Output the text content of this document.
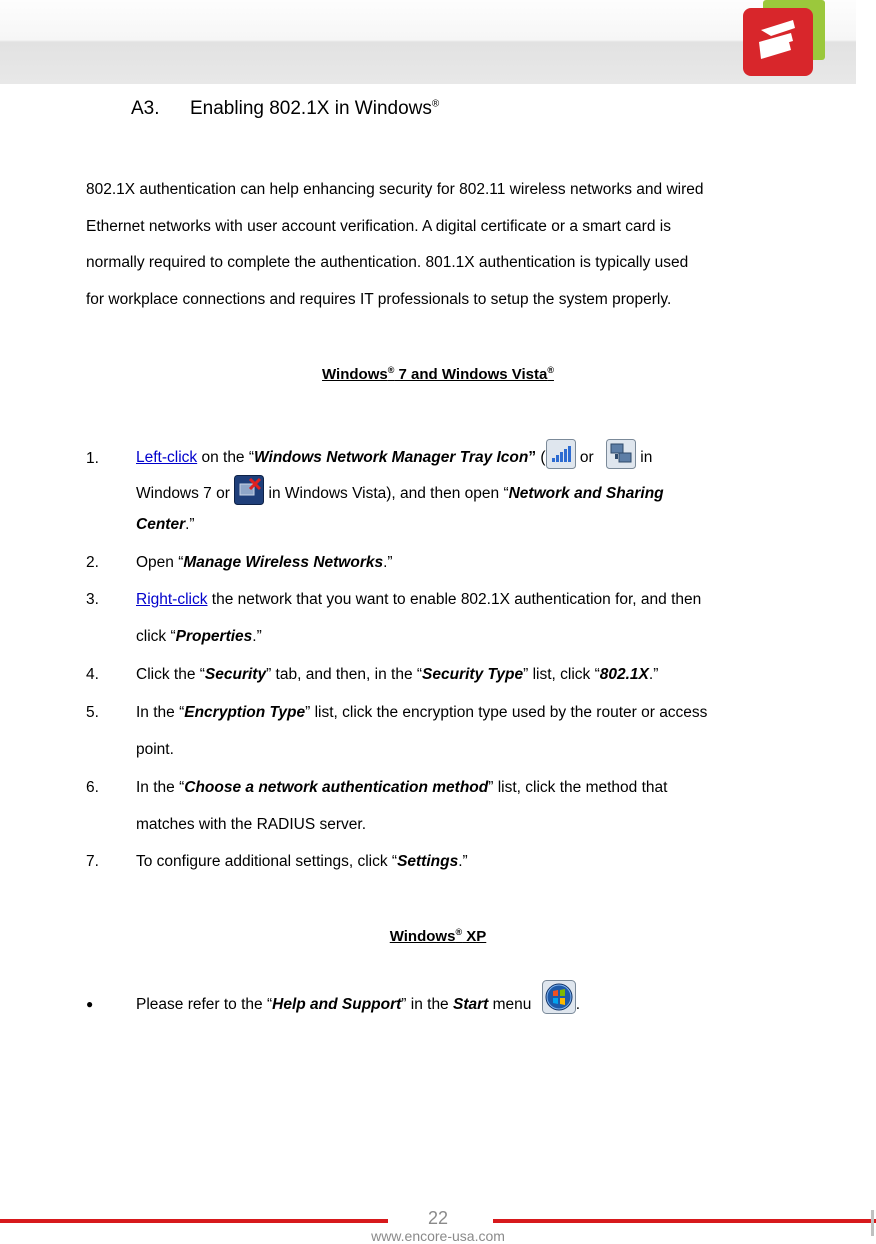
A3. Enabling 802.1X in Windows®
802.1X authentication can help enhancing security for 802.11 wireless networks and wired
Ethernet networks with user account verification. A digital certificate or a smart card is
normally required to complete the authentication. 801.1X authentication is typically used
for workplace connections and requires IT professionals to setup the system properly.
Windows® 7 and Windows Vista®
1. Left-click on the “Windows Network Manager Tray Icon” ( or  in
Windows 7 or  in Windows Vista), and then open “Network and Sharing
Center.”
2. Open “Manage Wireless Networks.”
3. Right-click the network that you want to enable 802.1X authentication for, and then
click “Properties.”
4. Click the “Security” tab, and then, in the “Security Type” list, click “802.1X.”
5. In the “Encryption Type” list, click the encryption type used by the router or access
point.
6. In the “Choose a network authentication method” list, click the method that
matches with the RADIUS server.
7. To configure additional settings, click “Settings.”
Windows® XP
●	Please refer to the “Help and Support” in the Start menu	.
22
www.encore-usa.com
